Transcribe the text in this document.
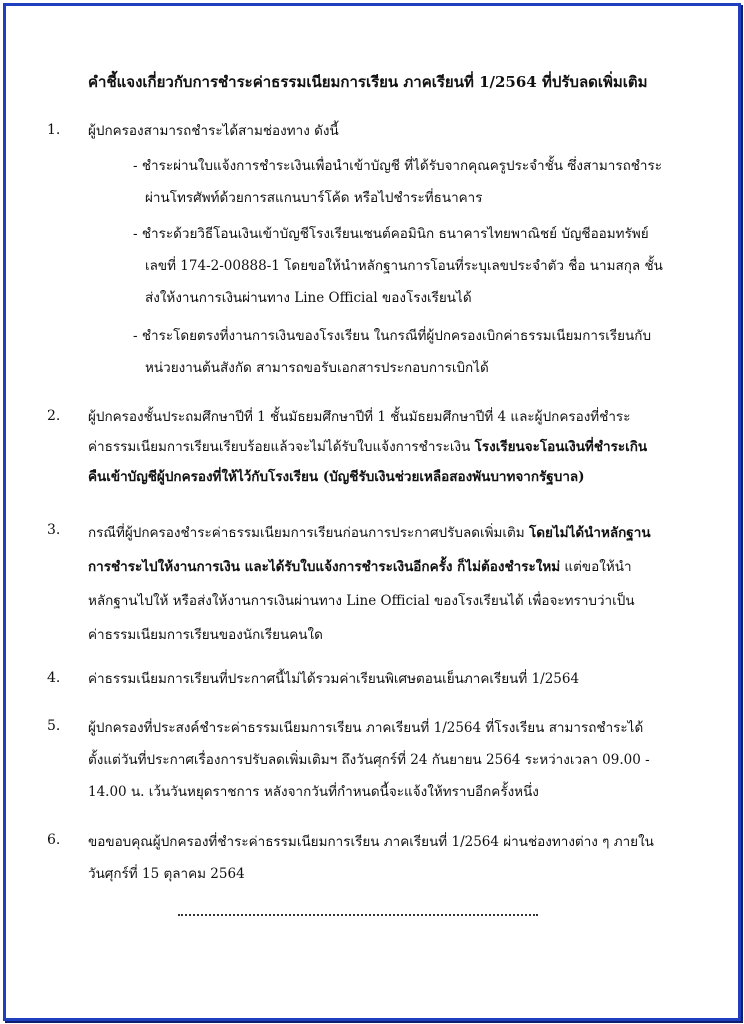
คำชี้แจงเกี่ยวกับการชำระค่าธรรมเนียมการเรียน ภาคเรียนที่ 1/2564 ที่ปรับลดเพิ่มเติม
1. ผู้ปกครองสามารถชำระได้สามช่องทาง ดังนี้
- ชำระผ่านใบแจ้งการชำระเงินเพื่อนำเข้าบัญชี ที่ได้รับจากคุณครูประจำชั้น ซึ่งสามารถชำระ
ผ่านโทรศัพท์ด้วยการสแกนบาร์โค้ด หรือไปชำระที่ธนาคาร
- ชำระด้วยวิธีโอนเงินเข้าบัญชีโรงเรียนเซนต์คอมินิก ธนาคารไทยพาณิชย์ บัญชีออมทรัพย์
เลขที่ 174-2-00888-1 โดยขอให้นำหลักฐานการโอนที่ระบุเลขประจำตัว ชื่อ นามสกุล ชั้น
ส่งให้งานการเงินผ่านทาง Line Official ของโรงเรียนได้
- ชำระโดยตรงที่งานการเงินของโรงเรียน ในกรณีที่ผู้ปกครองเบิกค่าธรรมเนียมการเรียนกับ
หน่วยงานต้นสังกัด สามารถขอรับเอกสารประกอบการเบิกได้
2. ผู้ปกครองชั้นประถมศึกษาปีที่ 1 ชั้นมัธยมศึกษาปีที่ 1 ชั้นมัธยมศึกษาปีที่ 4 และผู้ปกครองที่ชำระ
ค่าธรรมเนียมการเรียนเรียบร้อยแล้วจะไม่ได้รับใบแจ้งการชำระเงิน โรงเรียนจะโอนเงินที่ชำระเกิน
คืนเข้าบัญชีผู้ปกครองที่ให้ไว้กับโรงเรียน (บัญชีรับเงินช่วยเหลือสองพันบาทจากรัฐบาล)
3. กรณีที่ผู้ปกครองชำระค่าธรรมเนียมการเรียนก่อนการประกาศปรับลดเพิ่มเติม โดยไม่ได้นำหลักฐาน
การชำระไปให้งานการเงิน และได้รับใบแจ้งการชำระเงินอีกครั้ง ก็ไม่ต้องชำระใหม่ แต่ขอให้นำ
หลักฐานไปให้ หรือส่งให้งานการเงินผ่านทาง Line Official ของโรงเรียนได้ เพื่อจะทราบว่าเป็น
ค่าธรรมเนียมการเรียนของนักเรียนคนใด
4. ค่าธรรมเนียมการเรียนที่ประกาศนี้ไม่ได้รวมค่าเรียนพิเศษตอนเย็นภาคเรียนที่ 1/2564
5. ผู้ปกครองที่ประสงค์ชำระค่าธรรมเนียมการเรียน ภาคเรียนที่ 1/2564 ที่โรงเรียน สามารถชำระได้
ตั้งแต่วันที่ประกาศเรื่องการปรับลดเพิ่มเติมฯ ถึงวันศุกร์ที่ 24 กันยายน 2564 ระหว่างเวลา 09.00 -
14.00 น. เว้นวันหยุดราชการ หลังจากวันที่กำหนดนี้จะแจ้งให้ทราบอีกครั้งหนึ่ง
6. ขอขอบคุณผู้ปกครองที่ชำระค่าธรรมเนียมการเรียน ภาคเรียนที่ 1/2564 ผ่านช่องทางต่าง ๆ ภายใน
วันศุกร์ที่ 15 ตุลาคม 2564
